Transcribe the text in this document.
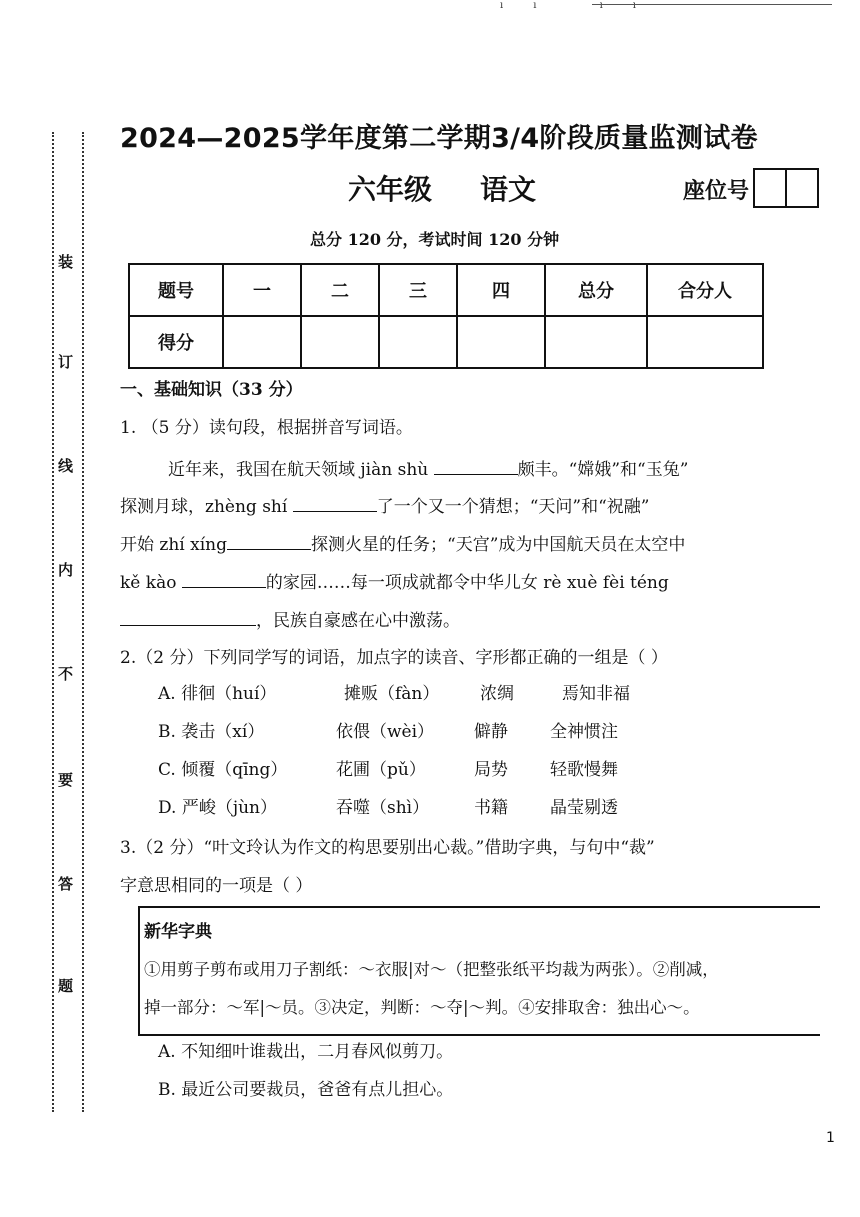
ıı ıı
装
订
线
内
不
要
答
题
2024—2025学年度第二学期3/4阶段质量监测试卷
六年级 语文	座位号
总分 120 分，考试时间 120 分钟
题号	一	二	三	四	总分	合分人
得分						
一、基础知识（33 分）
1. （5 分）读句段，根据拼音写词语。
近年来，我国在航天领域 jiàn shù	颇丰。“嫦娥”和“玉兔”
探测月球，zhèng shí	了一个又一个猜想；“天问”和“祝融”
开始 zhí xíng	探测火星的任务；“天宫”成为中国航天员在太空中
kě kào	的家园……每一项成就都令中华儿女 rè xuè fèi téng
，民族自豪感在心中激荡。
2.（2 分）下列同学写的词语，加点字的读音、字形都正确的一组是（ ）
A. 徘徊（huí）	摊贩（fàn） 浓绸	焉知非福
B. 袭击（xí）	依偎（wèi） 僻静 全神惯注
C. 倾覆（qīng）	花圃（pǔ）	局势 轻歌慢舞
D. 严峻（jùn）	吞噬（shì）	书籍 晶莹剔透
3.（2 分）“叶文玲认为作文的构思要别出心裁。”借助字典，与句中“裁”
字意思相同的一项是（ ）
新华字典
①用剪子剪布或用刀子割纸：～衣服|对～（把整张纸平均裁为两张）。②削减，
掉一部分：～军|～员。③决定，判断：～夺|～判。④安排取舍：独出心～。
A. 不知细叶谁裁出，二月春风似剪刀。
B. 最近公司要裁员，爸爸有点儿担心。
1
